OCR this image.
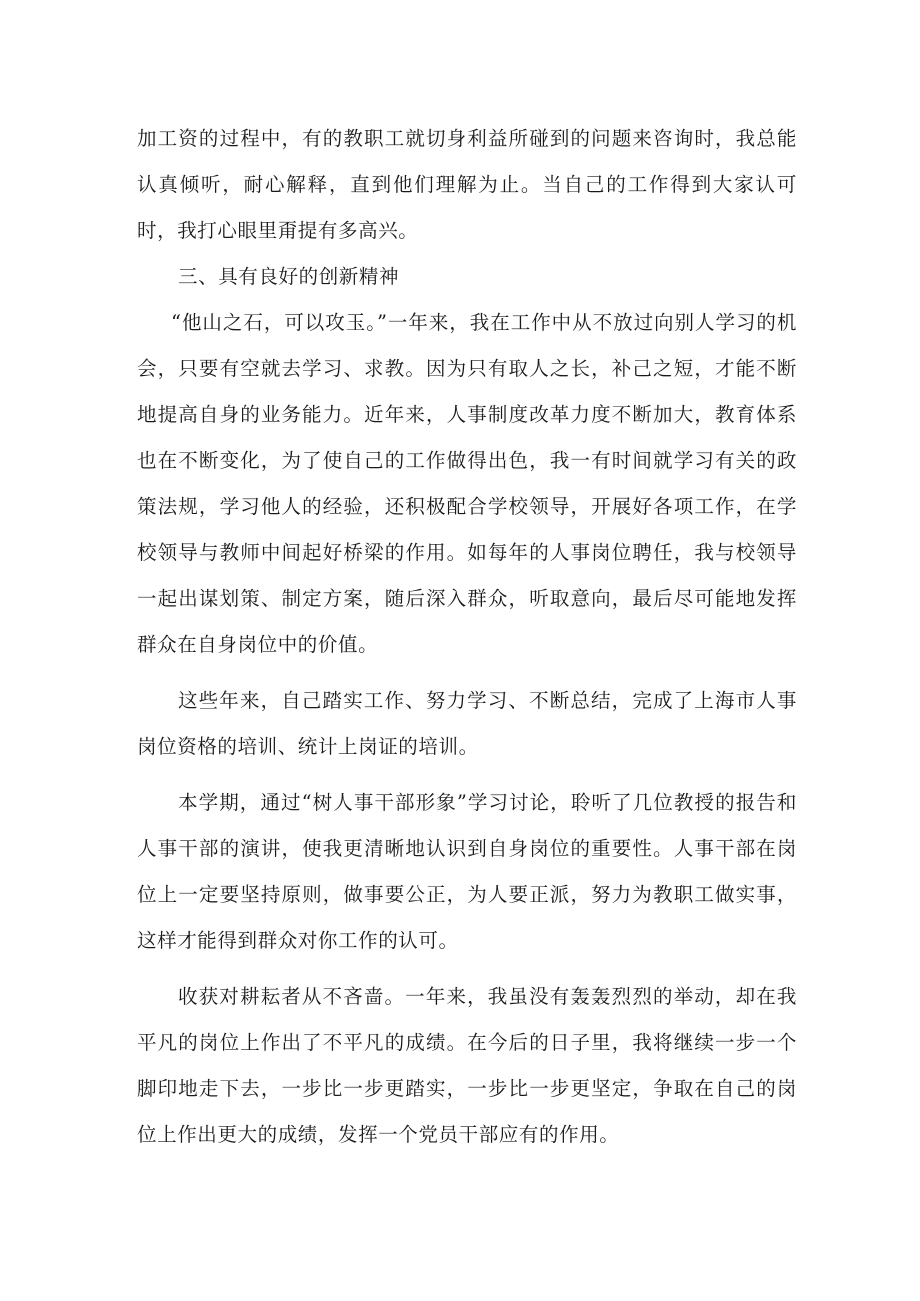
加工资的过程中，有的教职工就切身利益所碰到的问题来咨询时，我总能认真倾听，耐心解释，直到他们理解为止。当自己的工作得到大家认可时，我打心眼里甭提有多高兴。

三、具有良好的创新精神

“他山之石，可以攻玉。”一年来，我在工作中从不放过向别人学习的机会，只要有空就去学习、求教。因为只有取人之长，补己之短，才能不断地提高自身的业务能力。近年来，人事制度改革力度不断加大，教育体系也在不断变化，为了使自己的工作做得出色，我一有时间就学习有关的政策法规，学习他人的经验，还积极配合学校领导，开展好各项工作，在学校领导与教师中间起好桥梁的作用。如每年的人事岗位聘任，我与校领导一起出谋划策、制定方案，随后深入群众，听取意向，最后尽可能地发挥群众在自身岗位中的价值。

这些年来，自己踏实工作、努力学习、不断总结，完成了上海市人事岗位资格的培训、统计上岗证的培训。

本学期，通过“树人事干部形象”学习讨论，聆听了几位教授的报告和人事干部的演讲，使我更清晰地认识到自身岗位的重要性。人事干部在岗位上一定要坚持原则，做事要公正，为人要正派，努力为教职工做实事，这样才能得到群众对你工作的认可。

收获对耕耘者从不吝啬。一年来，我虽没有轰轰烈烈的举动，却在我平凡的岗位上作出了不平凡的成绩。在今后的日子里，我将继续一步一个脚印地走下去，一步比一步更踏实，一步比一步更坚定，争取在自己的岗位上作出更大的成绩，发挥一个党员干部应有的作用。
